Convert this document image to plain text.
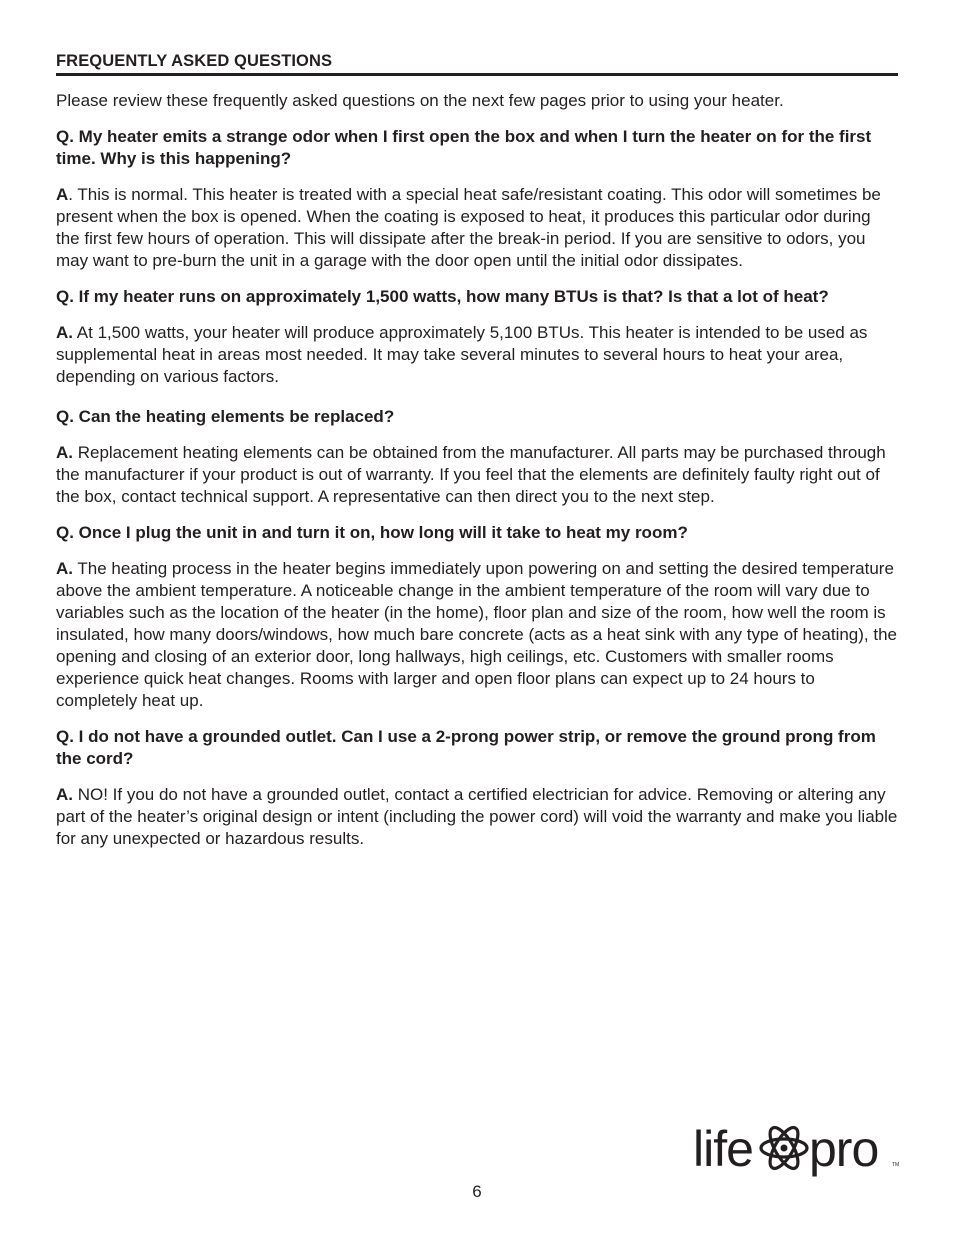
FREQUENTLY ASKED QUESTIONS
Please review these frequently asked questions on the next few pages prior to using your heater.
Q. My heater emits a strange odor when I first open the box and when I turn the heater on for the first time. Why is this happening?
A. This is normal. This heater is treated with a special heat safe/resistant coating. This odor will sometimes be present when the box is opened. When the coating is exposed to heat, it produces this particular odor during the first few hours of operation. This will dissipate after the break-in period. If you are sensitive to odors, you may want to pre-burn the unit in a garage with the door open until the initial odor dissipates.
Q. If my heater runs on approximately 1,500 watts, how many BTUs is that? Is that a lot of heat?
A. At 1,500 watts, your heater will produce approximately 5,100 BTUs. This heater is intended to be used as supplemental heat in areas most needed. It may take several minutes to several hours to heat your area, depending on various factors.
Q. Can the heating elements be replaced?
A. Replacement heating elements can be obtained from the manufacturer. All parts may be purchased through the manufacturer if your product is out of warranty. If you feel that the elements are definitely faulty right out of the box, contact technical support. A representative can then direct you to the next step.
Q. Once I plug the unit in and turn it on, how long will it take to heat my room?
A. The heating process in the heater begins immediately upon powering on and setting the desired temperature above the ambient temperature. A noticeable change in the ambient temperature of the room will vary due to variables such as the location of the heater (in the home), floor plan and size of the room, how well the room is insulated, how many doors/windows, how much bare concrete (acts as a heat sink with any type of heating), the opening and closing of an exterior door, long hallways, high ceilings, etc. Customers with smaller rooms experience quick heat changes. Rooms with larger and open floor plans can expect up to 24 hours to completely heat up.
Q. I do not have a grounded outlet. Can I use a 2-prong power strip, or remove the ground prong from the cord?
A. NO! If you do not have a grounded outlet, contact a certified electrician for advice. Removing or altering any part of the heater’s original design or intent (including the power cord) will void the warranty and make you liable for any unexpected or hazardous results.
life pro	TM
6
